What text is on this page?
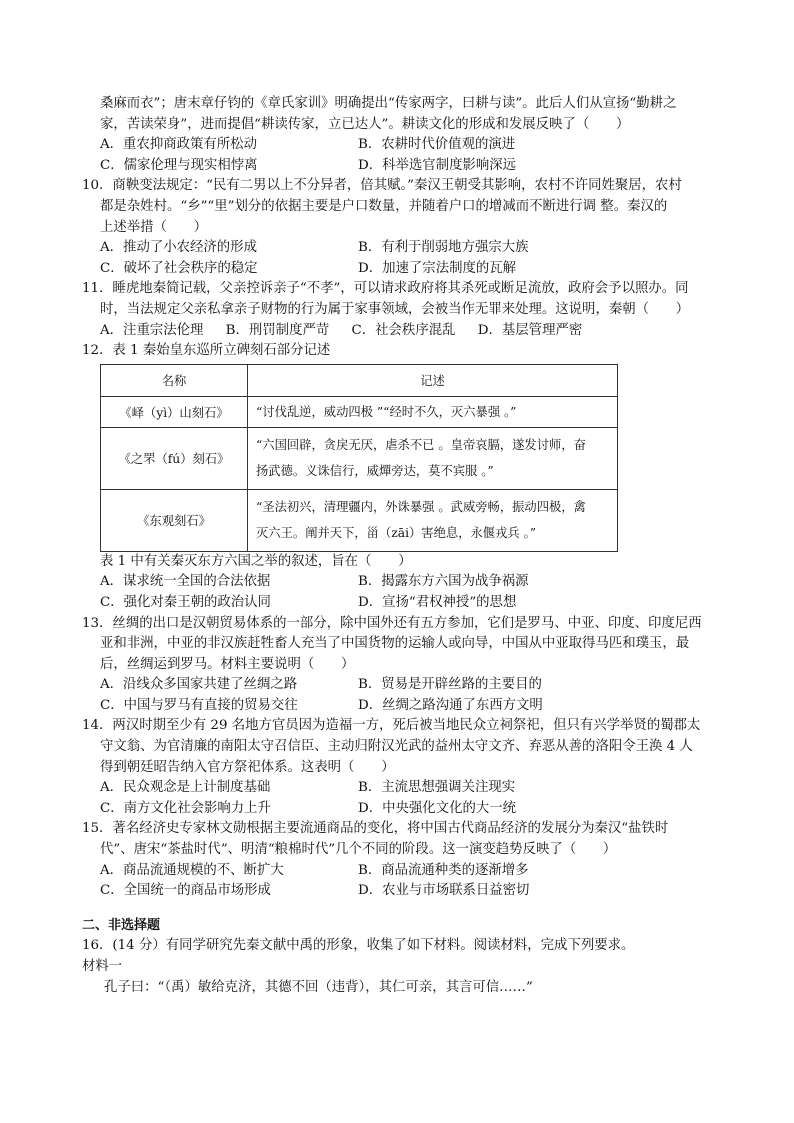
桑麻而衣”；唐末章仔钧的《章氏家训》明确提出“传家两字，曰耕与读”。此后人们从宣扬“勤耕之
家，苦读荣身”，进而提倡“耕读传家，立已达人”。耕读文化的形成和发展反映了（　　）
A．重农抑商政策有所松动	B．农耕时代价值观的演进
C．儒家伦理与现实相悖离	D．科举选官制度影响深远
10．商鞅变法规定：“民有二男以上不分异者，倍其赋。”秦汉王朝受其影响，农村不许同姓聚居，农村
都是杂姓村。“乡”“里”划分的依据主要是户口数量，并随着户口的增减而不断进行调 整。秦汉的
上述举措（　　）
A．推动了小农经济的形成	B．有利于削弱地方强宗大族
C．破坏了社会秩序的稳定	D．加速了宗法制度的瓦解
11．睡虎地秦简记载，父亲控诉亲子“不孝”，可以请求政府将其杀死或断足流放，政府会予以照办。同
时，当法规定父亲私拿亲子财物的行为属于家事领域，会被当作无罪来处理。这说明，秦朝（　　）
A．注重宗法伦理 B．刑罚制度严苛 C．社会秩序混乱 D．基层管理严密
12．表 1 秦始皇东巡所立碑刻石部分记述
名称	记述
《峄（yì）山刻石》	“讨伐乱逆，威动四极 ”“经时不久，灭六暴强 。”

《之罘（fú）刻石》	“六国回辟，贪戾无厌，虐杀不已 。皇帝哀膈，遂发讨师，奋
扬武德。义诛信行，威燀旁达，莫不宾服 。”

《东观刻石》	“圣法初兴，清理疆内，外诛暴强 。武威旁畅，振动四极，禽
灭六王。阐并天下，甾（zāi）害绝息，永偃戎兵 。”
表 1 中有关秦灭东方六国之举的叙述，旨在（　　）
A．谋求统一全国的合法依据	B．揭露东方六国为战争祸源
C．强化对秦王朝的政治认同	D．宣扬“君权神授”的思想
13．丝绸的出口是汉朝贸易体系的一部分，除中国外还有五方参加，它们是罗马、中亚、印度、印度尼西
亚和非洲，中亚的非汉族赶牲畜人充当了中国货物的运输人或向导，中国从中亚取得马匹和璞玉，最
后，丝绸运到罗马。材料主要说明（　　）
A．沿线众多国家共建了丝绸之路	B．贸易是开辟丝路的主要目的
C．中国与罗马有直接的贸易交往	D．丝绸之路沟通了东西方文明
14．两汉时期至少有 29 名地方官员因为造福一方，死后被当地民众立祠祭祀，但只有兴学举贤的蜀郡太
守文翁、为官清廉的南阳太守召信臣、主动归附汉光武的益州太守文齐、弃恶从善的洛阳令王涣 4 人
得到朝廷昭告纳入官方祭祀体系。这表明（　　）
A．民众观念是上计制度基础	B．主流思想强调关注现实
C．南方文化社会影响力上升	D．中央强化文化的大一统
15．著名经济史专家林文勋根据主要流通商品的变化，将中国古代商品经济的发展分为秦汉“盐铁时
代”、唐宋“茶盐时代”、明清“粮棉时代”几个不同的阶段。这一演变趋势反映了（　　）
A．商品流通规模的不、断扩大	B．商品流通种类的逐渐增多
C．全国统一的商品市场形成	D．农业与市场联系日益密切
二、非选择题
16．(14 分）有同学研究先秦文献中禹的形象，收集了如下材料。阅读材料，完成下列要求。
材料一
孔子曰：“（禹）敏给克济，其德不回（违背），其仁可亲，其言可信……”
